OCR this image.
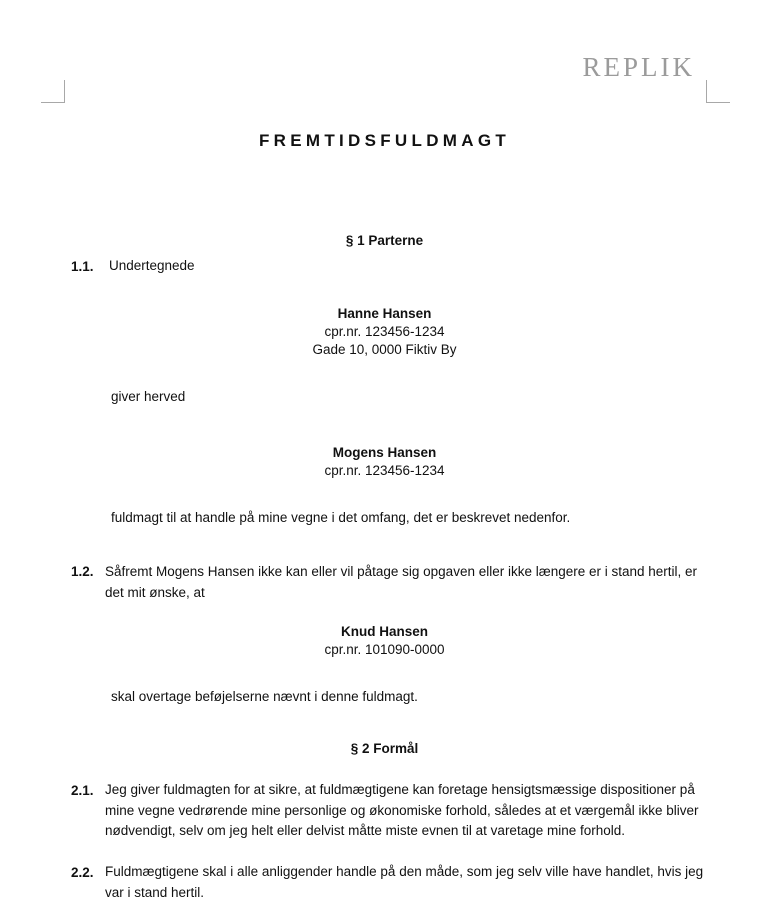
REPLIK
FREMTIDSFULDMAGT
§ 1 Parterne
1.1. Undertegnede
Hanne Hansen
cpr.nr. 123456-1234
Gade 10, 0000 Fiktiv By
giver herved
Mogens Hansen
cpr.nr. 123456-1234
fuldmagt til at handle på mine vegne i det omfang, det er beskrevet nedenfor.
1.2. Såfremt Mogens Hansen ikke kan eller vil påtage sig opgaven eller ikke længere er i stand hertil, er det mit ønske, at
Knud Hansen
cpr.nr. 101090-0000
skal overtage beføjelserne nævnt i denne fuldmagt.
§ 2 Formål
2.1. Jeg giver fuldmagten for at sikre, at fuldmægtigene kan foretage hensigtsmæssige dispositioner på mine vegne vedrørende mine personlige og økonomiske forhold, således at et værgemål ikke bliver nødvendigt, selv om jeg helt eller delvist måtte miste evnen til at varetage mine forhold.
2.2. Fuldmægtigene skal i alle anliggender handle på den måde, som jeg selv ville have handlet, hvis jeg var i stand hertil.
